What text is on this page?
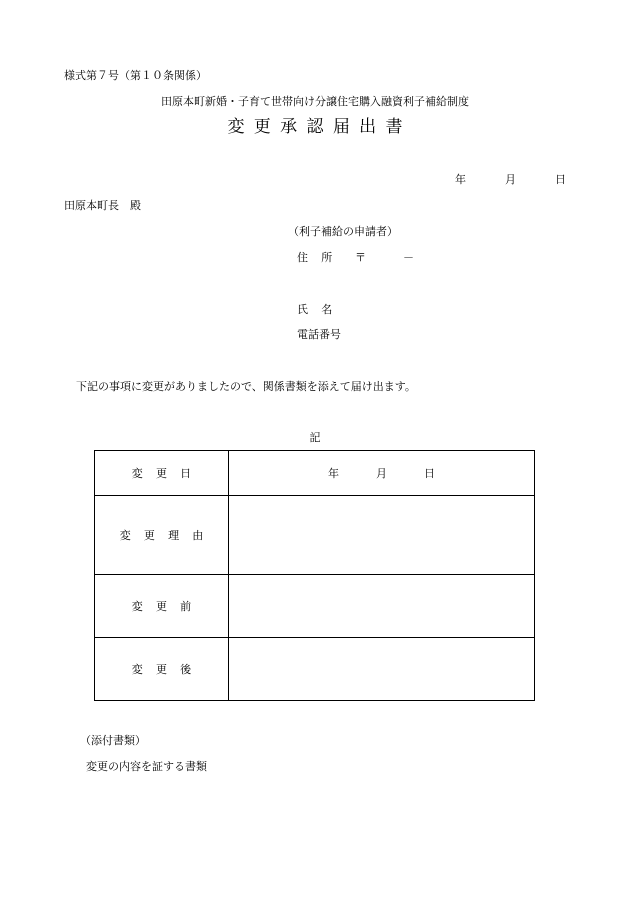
様式第７号（第１０条関係）
田原本町新婚・子育て世帯向け分譲住宅購入融資利子補給制度
変更承認届出書
年	月	日
田原本町長　殿
（利子補給の申請者）
住所 〒	－
氏名
電話番号
下記の事項に変更がありましたので、関係書類を添えて届け出ます。
記
変更日	年 月 日
変更理由	
変更前	
変更後	
（添付書類）
変更の内容を証する書類
